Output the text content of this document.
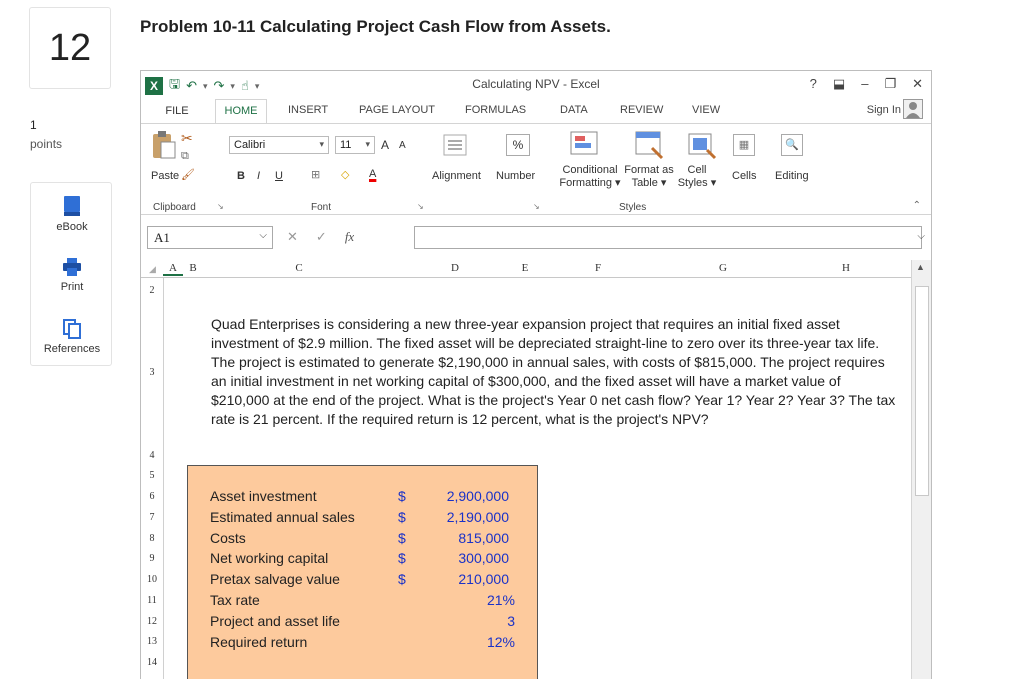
12
1
points
eBook
Print
References
Problem 10-11 Calculating Project Cash Flow from Assets.
X 🖫 ↶ ▾ ↷ ▾ ☝ ▾	Calculating NPV - Excel	? ⬓ – ❐ ✕
FILE	HOME	INSERT	PAGE LAYOUT	FORMULAS	DATA	REVIEW	VIEW	Sign In
✂
⧉
🖌
Paste
Clipboard	↘
Calibri	▾	11 ▾ A A
B I U	⊞ ◇ A
Font	↘
Alignment
%
Number
↘
Conditional
Formatting ▾
Format as
Table ▾
Cell
Styles ▾
Styles
▦
Cells
🔍
Editing
⌃
A1	⌵ ✕ ✓ fx	⌵
◢	A	B	C	D	E	F	G	H
2
3
4
5
6
7
8
9
10
11
12
13
14
Quad Enterprises is considering a new three-year expansion project that requires an initial fixed asset investment of $2.9 million. The fixed asset will be depreciated straight-line to zero over its three-year tax life. The project is estimated to generate $2,190,000 in annual sales, with costs of $815,000. The project requires an initial investment in net working capital of $300,000, and the fixed asset will have a market value of $210,000 at the end of the project. What is the project's Year 0 net cash flow? Year 1? Year 2? Year 3? The tax rate is 21 percent. If the required return is 12 percent, what is the project's NPV?
Asset investment	$	2,900,000
Estimated annual sales	$	2,190,000
Costs	$	815,000
Net working capital	$	300,000
Pretax salvage value	$	210,000
Tax rate	21%
Project and asset life	3
Required return	12%
▲
